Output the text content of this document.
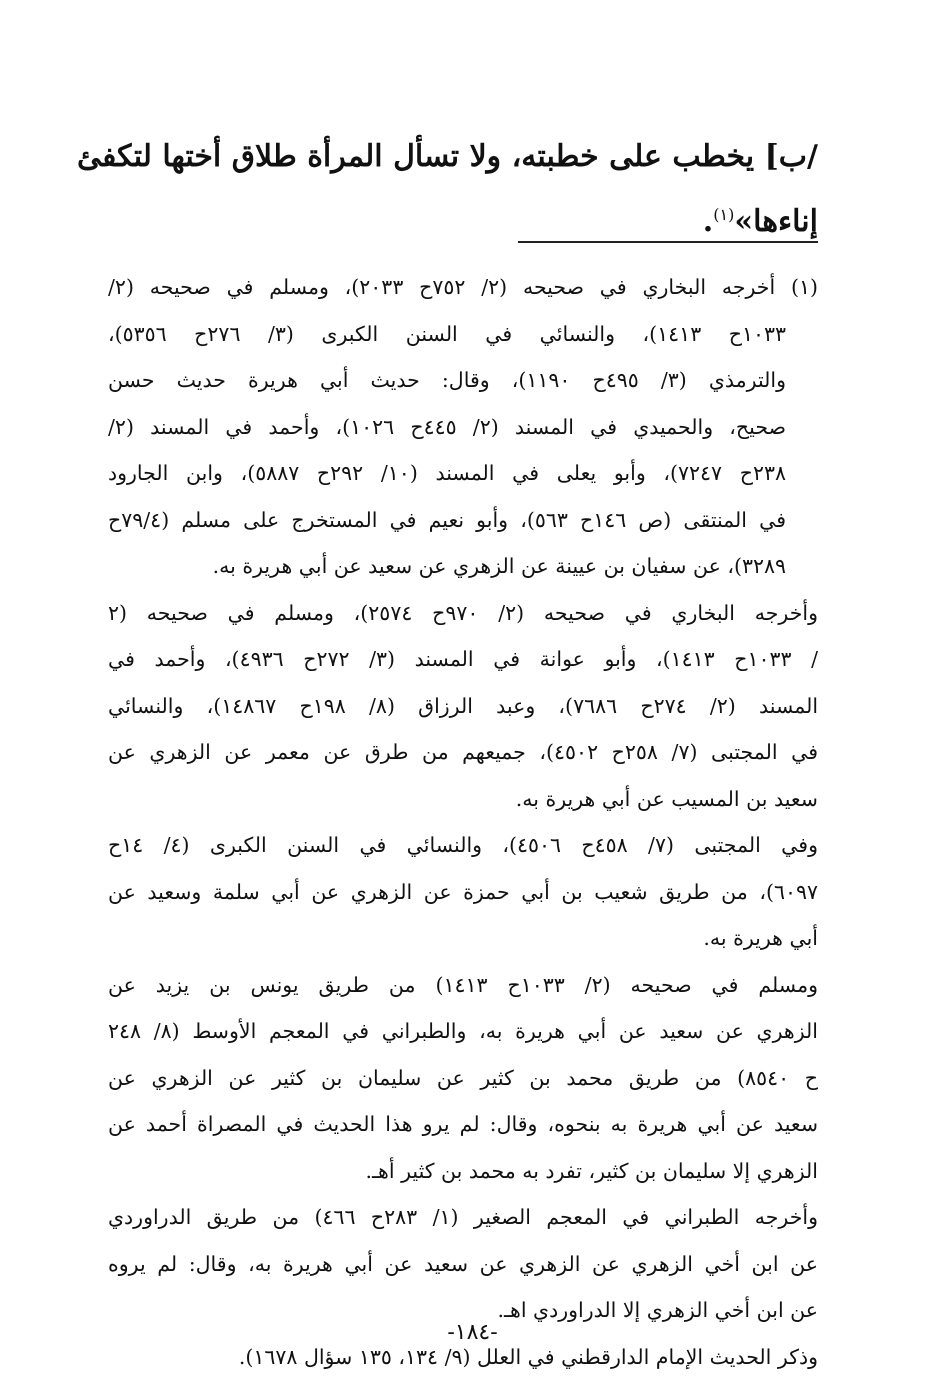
/ب] يخطب على خطبته، ولا تسأل المرأة طلاق أختها لتكفئ
إناءها»$^{(١)}$.
(١) أخرجه البخاري في صحيحه (٢/ ٧٥٢ح ٢٠٣٣)، ومسلم في صحيحه (٢/
١٠٣٣ح ١٤١٣)، والنسائي في السنن الكبرى (٣/ ٢٧٦ح ٥٣٥٦)،
والترمذي (٣/ ٤٩٥ح ١١٩٠)، وقال: حديث أبي هريرة حديث حسن
صحيح، والحميدي في المسند (٢/ ٤٤٥ح ١٠٢٦)، وأحمد في المسند (٢/
٢٣٨ح ٧٢٤٧)، وأبو يعلى في المسند (١٠/ ٢٩٢ح ٥٨٨٧)، وابن الجارود
في المنتقى (ص ١٤٦ح ٥٦٣)، وأبو نعيم في المستخرج على مسلم (٧٩/٤ح
٣٢٨٩)، عن سفيان بن عيينة عن الزهري عن سعيد عن أبي هريرة به.
وأخرجه البخاري في صحيحه (٢/ ٩٧٠ح ٢٥٧٤)، ومسلم في صحيحه (٢
/ ١٠٣٣ح ١٤١٣)، وأبو عوانة في المسند (٣/ ٢٧٢ح ٤٩٣٦)، وأحمد في
المسند (٢/ ٢٧٤ح ٧٦٨٦)، وعبد الرزاق (٨/ ١٩٨ح ١٤٨٦٧)، والنسائي
في المجتبى (٧/ ٢٥٨ح ٤٥٠٢)، جميعهم من طرق عن معمر عن الزهري عن
سعيد بن المسيب عن أبي هريرة به.
وفي المجتبى (٧/ ٤٥٨ح ٤٥٠٦)، والنسائي في السنن الكبرى (٤/ ١٤ح
٦٠٩٧)، من طريق شعيب بن أبي حمزة عن الزهري عن أبي سلمة وسعيد عن
أبي هريرة به.
ومسلم في صحيحه (٢/ ١٠٣٣ح ١٤١٣) من طريق يونس بن يزيد عن
الزهري عن سعيد عن أبي هريرة به، والطبراني في المعجم الأوسط (٨/ ٢٤٨
ح ٨٥٤٠) من طريق محمد بن كثير عن سليمان بن كثير عن الزهري عن
سعيد عن أبي هريرة به بنحوه، وقال: لم يرو هذا الحديث في المصراة أحمد عن
الزهري إلا سليمان بن كثير، تفرد به محمد بن كثير أهـ.
وأخرجه الطبراني في المعجم الصغير (١/ ٢٨٣ح ٤٦٦) من طريق الدراوردي
عن ابن أخي الزهري عن الزهري عن سعيد عن أبي هريرة به، وقال: لم يروه
عن ابن أخي الزهري إلا الدراوردي اهـ.
وذكر الحديث الإمام الدارقطني في العلل (٩/ ١٣٤، ١٣٥ سؤال ١٦٧٨).
-١٨٤-
